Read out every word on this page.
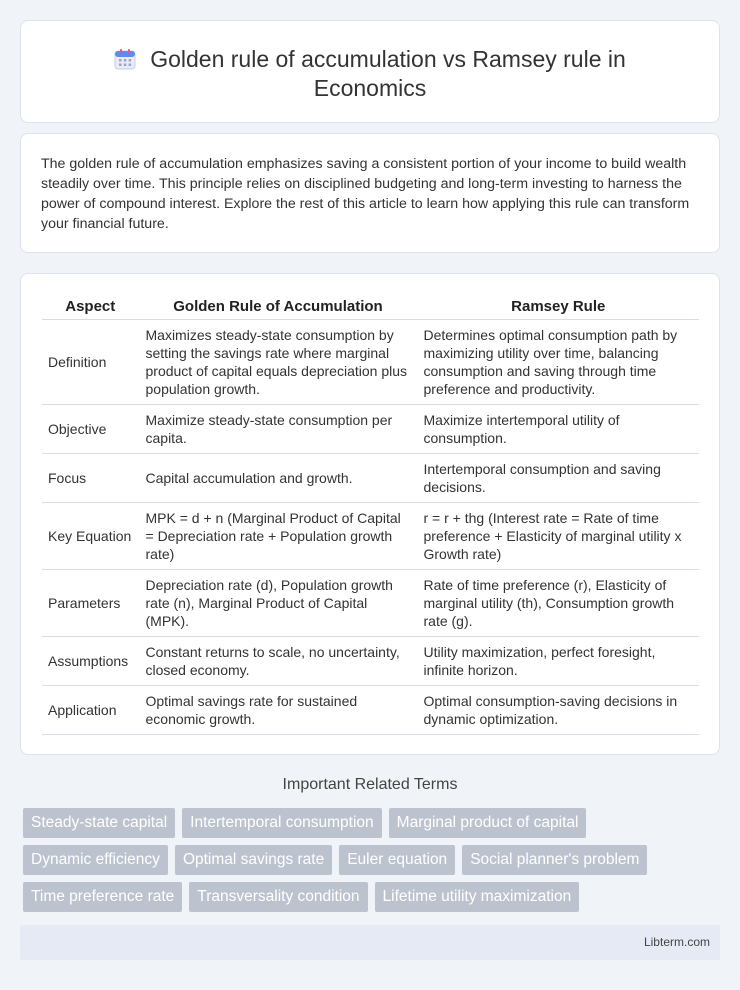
Golden rule of accumulation vs Ramsey rule in Economics

The golden rule of accumulation emphasizes saving a consistent portion of your income to build wealth steadily over time. This principle relies on disciplined budgeting and long-term investing to harness the power of compound interest. Explore the rest of this article to learn how applying this rule can transform your financial future.

Aspect	Golden Rule of Accumulation	Ramsey Rule
Definition	Maximizes steady-state consumption by setting the savings rate where marginal product of capital equals depreciation plus population growth.	Determines optimal consumption path by maximizing utility over time, balancing consumption and saving through time preference and productivity.
Objective	Maximize steady-state consumption per capita.	Maximize intertemporal utility of consumption.
Focus	Capital accumulation and growth.	Intertemporal consumption and saving decisions.
Key Equation	MPK = d + n (Marginal Product of Capital = Depreciation rate + Population growth rate)	r = r + thg (Interest rate = Rate of time preference + Elasticity of marginal utility x Growth rate)
Parameters	Depreciation rate (d), Population growth rate (n), Marginal Product of Capital (MPK).	Rate of time preference (r), Elasticity of marginal utility (th), Consumption growth rate (g).
Assumptions	Constant returns to scale, no uncertainty, closed economy.	Utility maximization, perfect foresight, infinite horizon.
Application	Optimal savings rate for sustained economic growth.	Optimal consumption-saving decisions in dynamic optimization.
Important Related Terms
Steady-state capital	Intertemporal consumption	Marginal product of capital
Dynamic efficiency	Optimal savings rate	Euler equation	Social planner's problem
Time preference rate	Transversality condition	Lifetime utility maximization
Libterm.com
